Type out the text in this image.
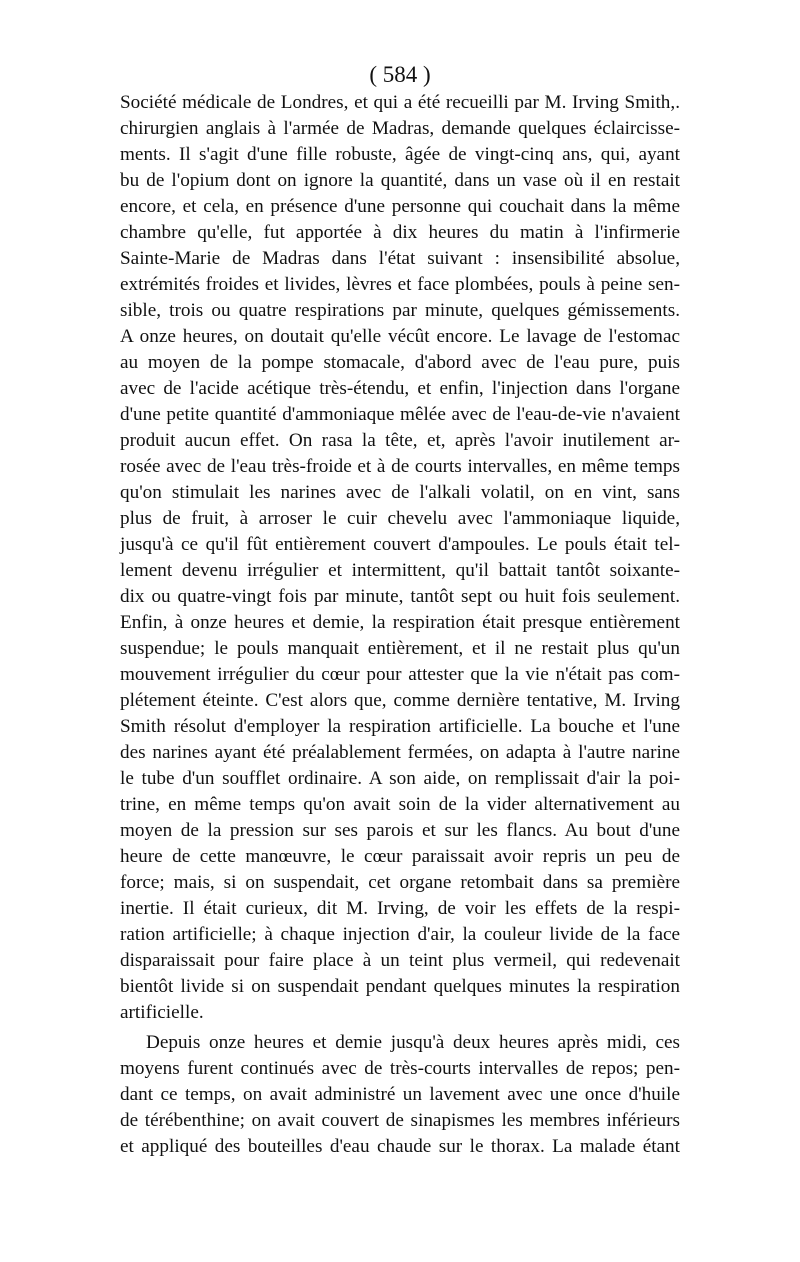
( 584 )
Société médicale de Londres, et qui a été recueilli par M. Irving Smith,.
chirurgien anglais à l'armée de Madras, demande quelques éclaircisse-
ments. Il s'agit d'une fille robuste, âgée de vingt-cinq ans, qui, ayant
bu de l'opium dont on ignore la quantité, dans un vase où il en restait
encore, et cela, en présence d'une personne qui couchait dans la même
chambre qu'elle, fut apportée à dix heures du matin à l'infirmerie
Sainte-Marie de Madras dans l'état suivant : insensibilité absolue,
extrémités froides et livides, lèvres et face plombées, pouls à peine sen-
sible, trois ou quatre respirations par minute, quelques gémissements.
A onze heures, on doutait qu'elle vécût encore. Le lavage de l'estomac
au moyen de la pompe stomacale, d'abord avec de l'eau pure, puis
avec de l'acide acétique très-étendu, et enfin, l'injection dans l'organe
d'une petite quantité d'ammoniaque mêlée avec de l'eau-de-vie n'avaient
produit aucun effet. On rasa la tête, et, après l'avoir inutilement ar-
rosée avec de l'eau très-froide et à de courts intervalles, en même temps
qu'on stimulait les narines avec de l'alkali volatil, on en vint, sans
plus de fruit, à arroser le cuir chevelu avec l'ammoniaque liquide,
jusqu'à ce qu'il fût entièrement couvert d'ampoules. Le pouls était tel-
lement devenu irrégulier et intermittent, qu'il battait tantôt soixante-
dix ou quatre-vingt fois par minute, tantôt sept ou huit fois seulement.
Enfin, à onze heures et demie, la respiration était presque entièrement
suspendue; le pouls manquait entièrement, et il ne restait plus qu'un
mouvement irrégulier du cœur pour attester que la vie n'était pas com-
plétement éteinte. C'est alors que, comme dernière tentative, M. Irving
Smith résolut d'employer la respiration artificielle. La bouche et l'une
des narines ayant été préalablement fermées, on adapta à l'autre narine
le tube d'un soufflet ordinaire. A son aide, on remplissait d'air la poi-
trine, en même temps qu'on avait soin de la vider alternativement au
moyen de la pression sur ses parois et sur les flancs. Au bout d'une
heure de cette manœuvre, le cœur paraissait avoir repris un peu de
force; mais, si on suspendait, cet organe retombait dans sa première
inertie. Il était curieux, dit M. Irving, de voir les effets de la respi-
ration artificielle; à chaque injection d'air, la couleur livide de la face
disparaissait pour faire place à un teint plus vermeil, qui redevenait
bientôt livide si on suspendait pendant quelques minutes la respiration
artificielle.
Depuis onze heures et demie jusqu'à deux heures après midi, ces
moyens furent continués avec de très-courts intervalles de repos; pen-
dant ce temps, on avait administré un lavement avec une once d'huile
de térébenthine; on avait couvert de sinapismes les membres inférieurs
et appliqué des bouteilles d'eau chaude sur le thorax. La malade étant
